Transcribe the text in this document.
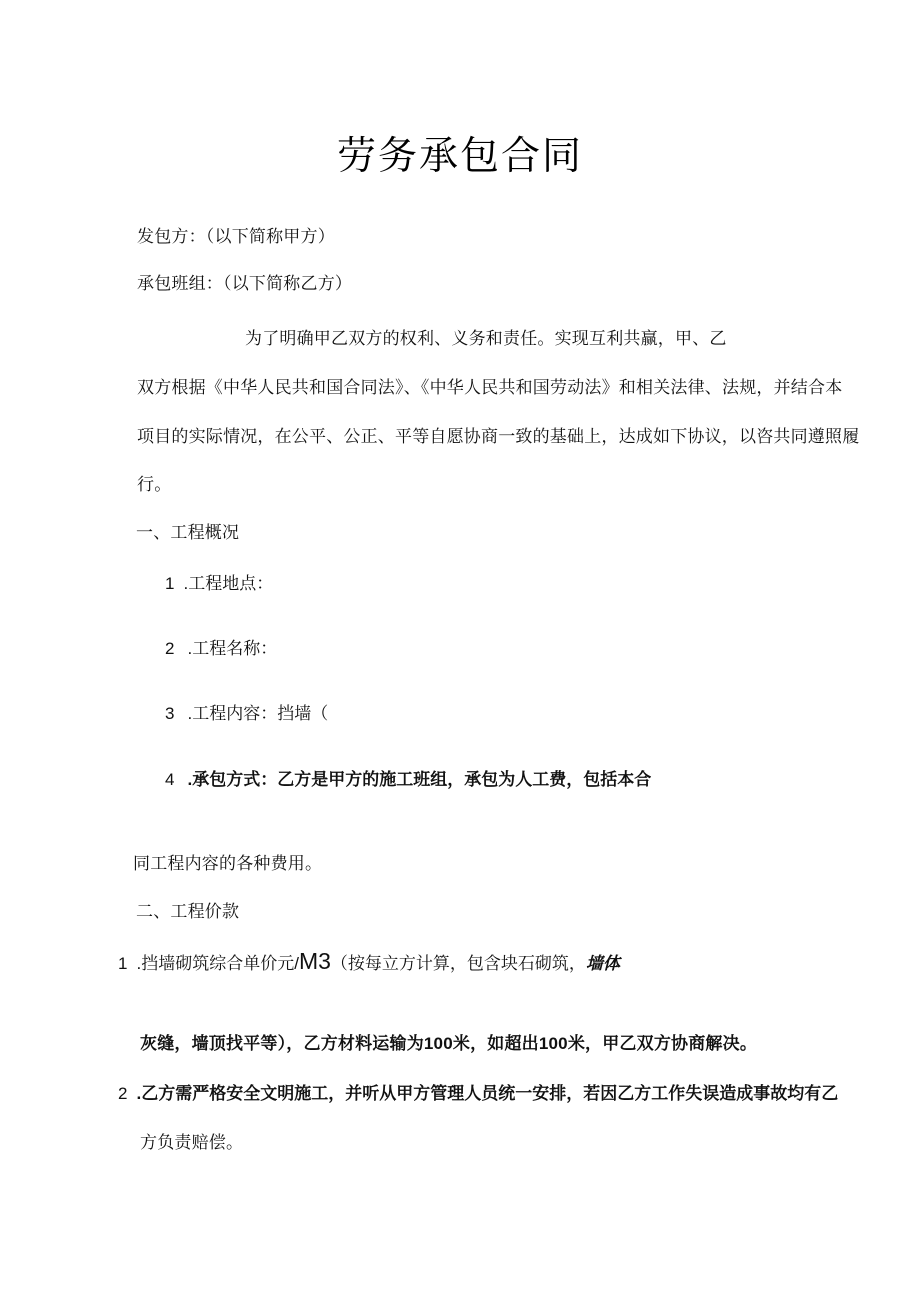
劳务承包合同
发包方：（以下简称甲方）
承包班组：（以下简称乙方）
为了明确甲乙双方的权利、义务和责任。实现互利共赢，甲、乙
双方根据《中华人民共和国合同法》、《中华人民共和国劳动法》和相关法律、法规，并结合本
项目的实际情况，在公平、公正、平等自愿协商一致的基础上，达成如下协议，以咨共同遵照履
行。
一、工程概况
1 .工程地点：
2 .工程名称：
3 .工程内容：挡墙（
4 .承包方式：乙方是甲方的施工班组，承包为人工费，包括本合
同工程内容的各种费用。
二、工程价款
1 .挡墙砌筑综合单价元/M3（按每立方计算，包含块石砌筑，墙体
灰缝，墙顶找平等），乙方材料运输为100米，如超出100米，甲乙双方协商解决。
2 .乙方需严格安全文明施工，并听从甲方管理人员统一安排，若因乙方工作失误造成事故均有乙
方负责赔偿。
